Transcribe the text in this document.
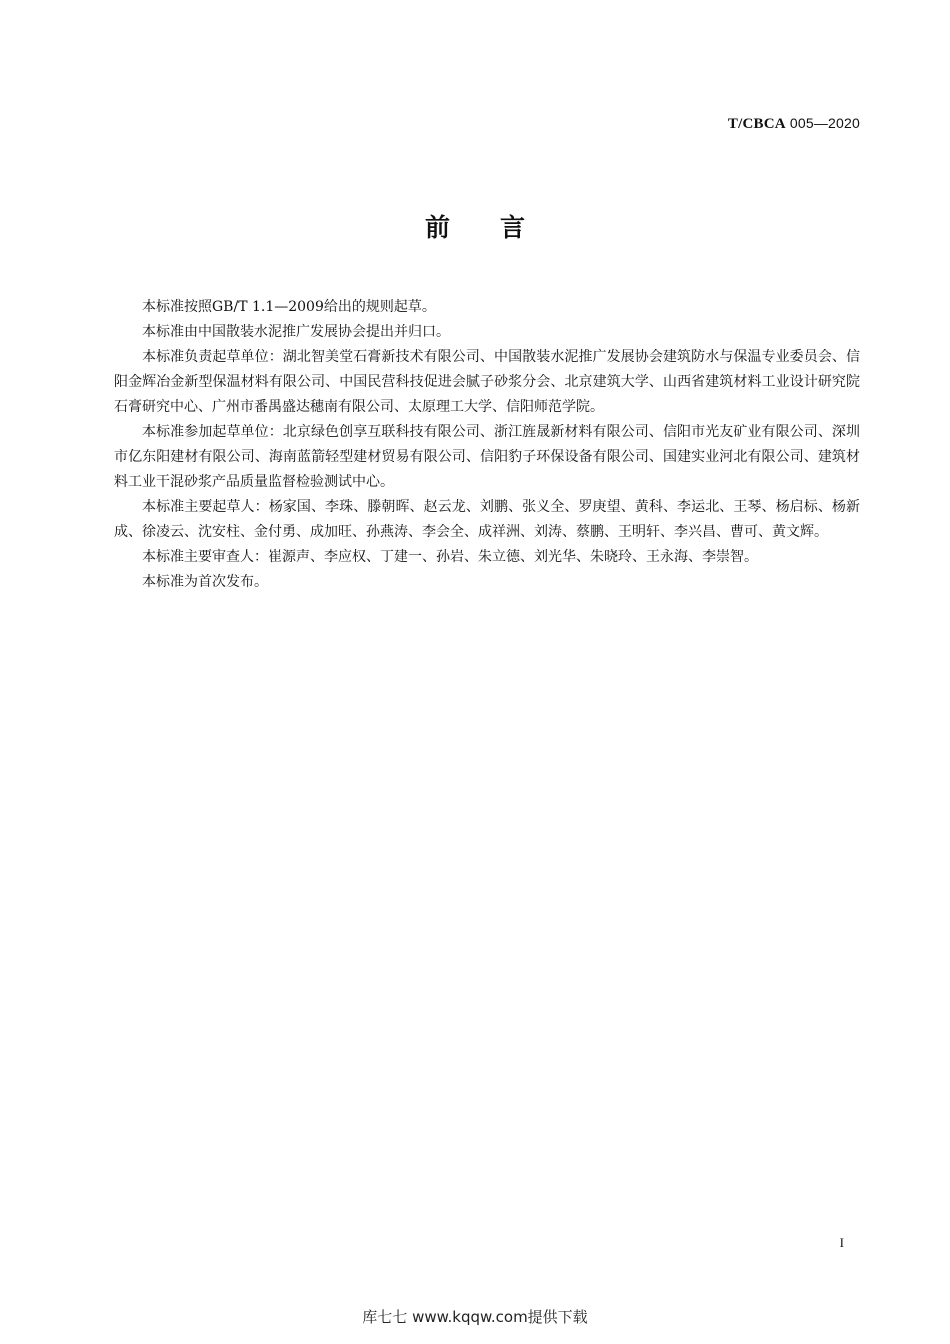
T/CBCA 005—2020
前言

本标准按照GB/T 1.1—2009给出的规则起草。

本标准由中国散装水泥推广发展协会提出并归口。

本标准负责起草单位：湖北智美堂石膏新技术有限公司、中国散装水泥推广发展协会建筑防水与保温专业委员会、信阳金辉冶金新型保温材料有限公司、中国民营科技促进会腻子砂浆分会、北京建筑大学、山西省建筑材料工业设计研究院石膏研究中心、广州市番禺盛达穗南有限公司、太原理工大学、信阳师范学院。

本标准参加起草单位：北京绿色创享互联科技有限公司、浙江旌晟新材料有限公司、信阳市光友矿业有限公司、深圳市亿东阳建材有限公司、海南蓝箭轻型建材贸易有限公司、信阳豹子环保设备有限公司、国建实业河北有限公司、建筑材料工业干混砂浆产品质量监督检验测试中心。

本标准主要起草人：杨家国、李珠、滕朝晖、赵云龙、刘鹏、张义全、罗庚望、黄科、李运北、王琴、杨启标、杨新成、徐凌云、沈安柱、金付勇、成加旺、孙燕涛、李会全、成祥洲、刘涛、蔡鹏、王明轩、李兴昌、曹可、黄文辉。

本标准主要审查人：崔源声、李应权、丁建一、孙岩、朱立德、刘光华、朱晓玲、王永海、李崇智。

本标准为首次发布。

I
库七七 www.kqqw.com提供下载
